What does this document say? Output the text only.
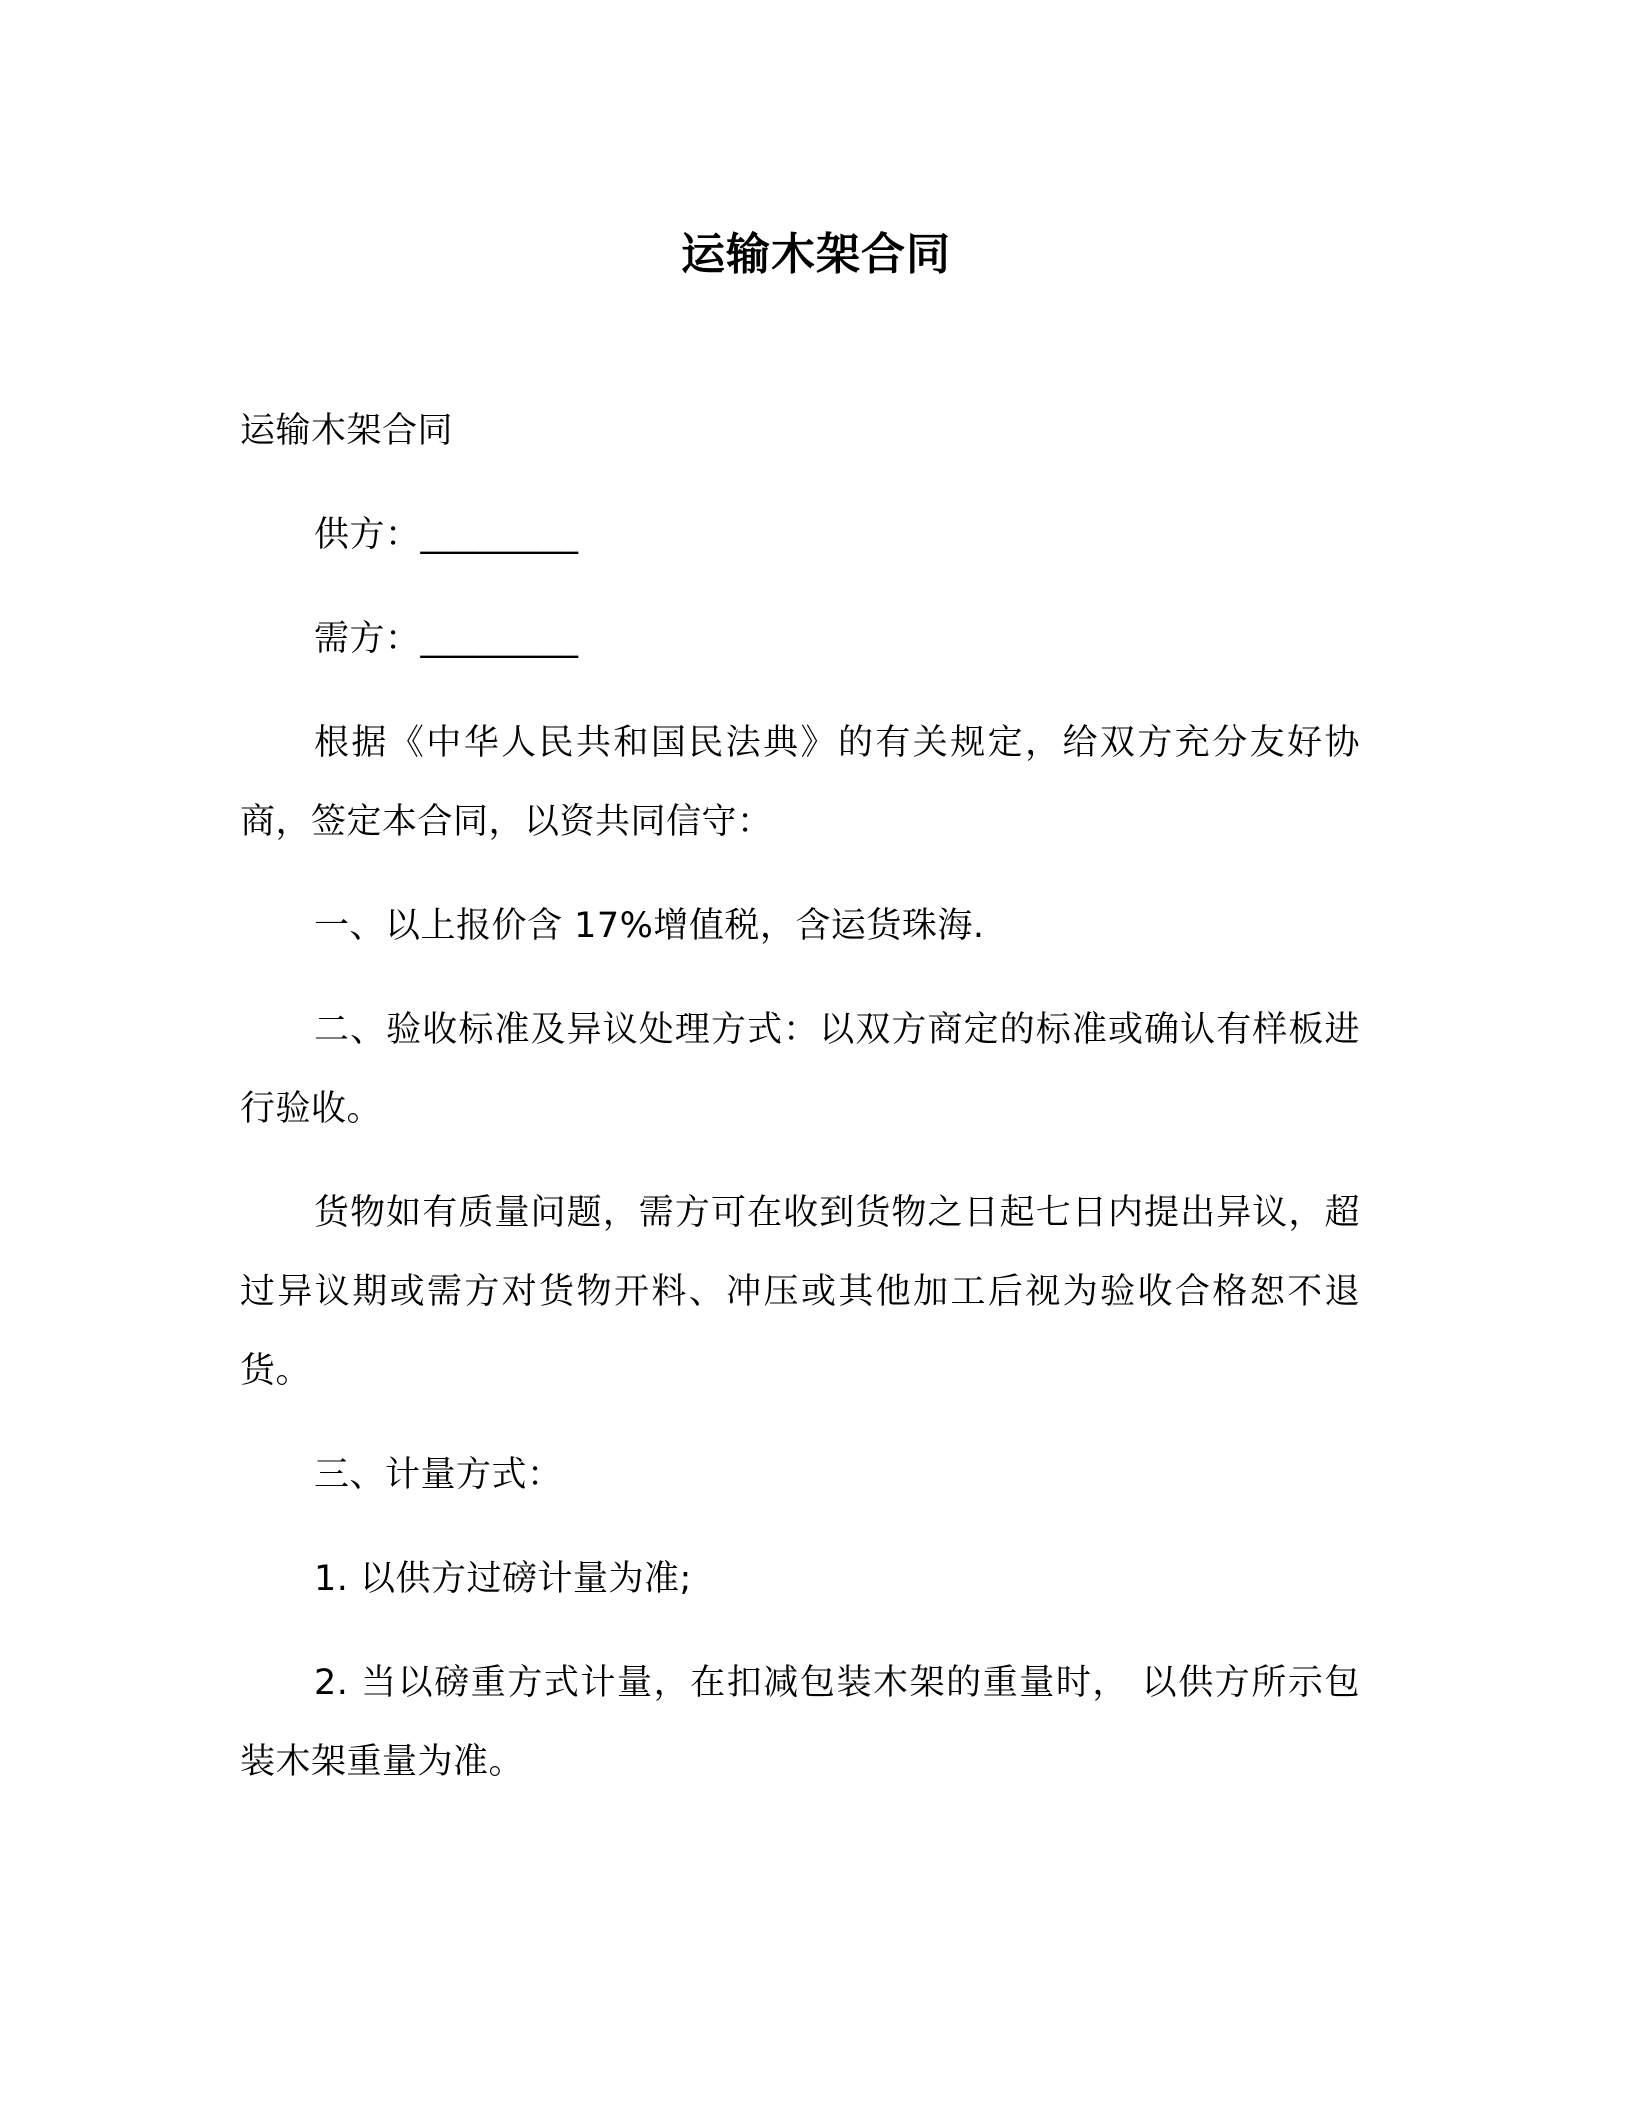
运输木架合同

运输木架合同

供方：_________

需方：_________

根据《中华人民共和国民法典》的有关规定，给双方充分友好协商，签定本合同，以资共同信守：

一、以上报价含 17%增值税，含运货珠海.

二、验收标准及异议处理方式：以双方商定的标准或确认有样板进行验收。

货物如有质量问题，需方可在收到货物之日起七日内提出异议，超过异议期或需方对货物开料、冲压或其他加工后视为验收合格恕不退货。

三、计量方式：

1. 以供方过磅计量为准;

2. 当以磅重方式计量，在扣减包装木架的重量时， 以供方所示包装木架重量为准。
